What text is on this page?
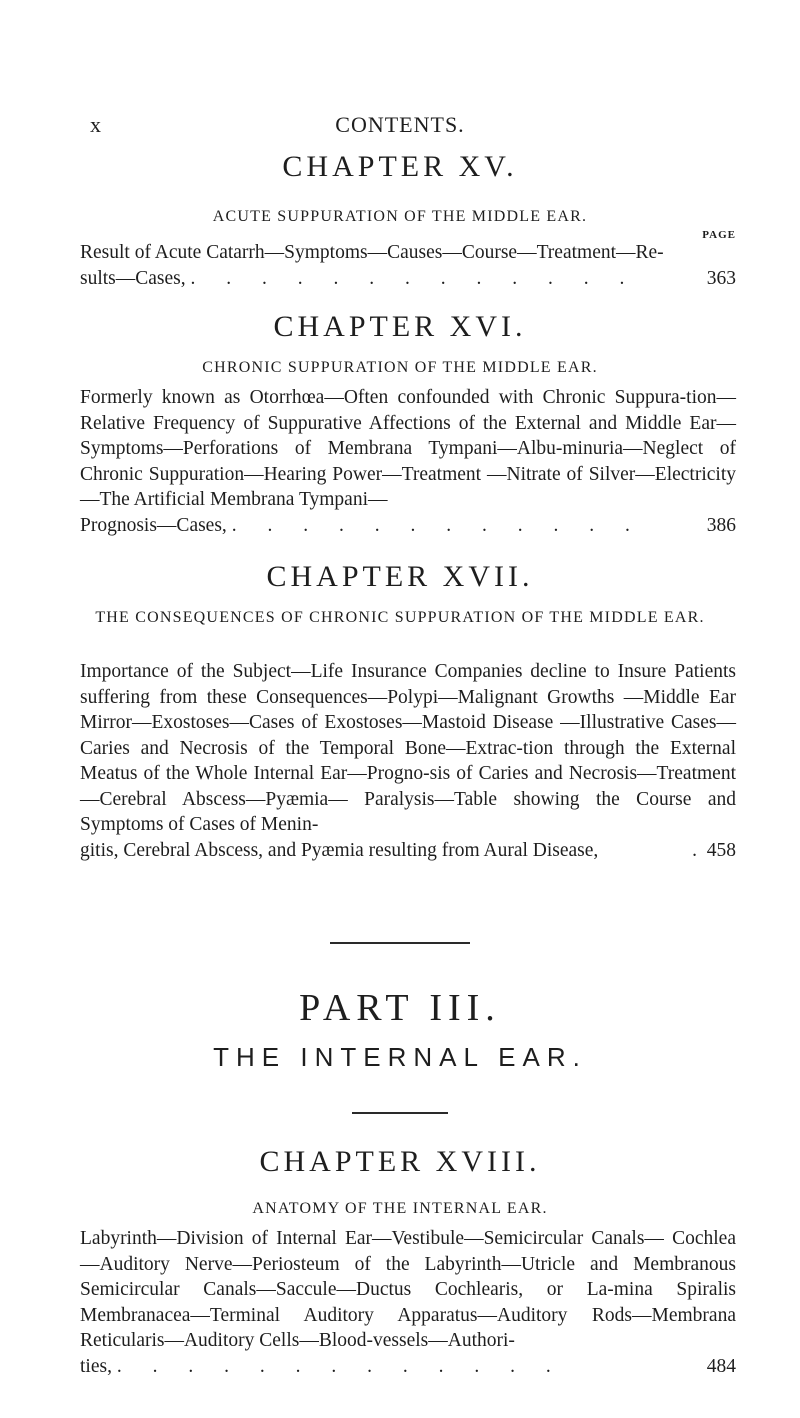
x	CONTENTS.
CHAPTER XV.
ACUTE SUPPURATION OF THE MIDDLE EAR.
PAGE
Result of Acute Catarrh—Symptoms—Causes—Course—Treatment—Re-
sults—Cases, . . . . . . . . . . . . .	363
CHAPTER XVI.
CHRONIC SUPPURATION OF THE MIDDLE EAR.
Formerly known as Otorrhœa—Often confounded with Chronic Suppura-tion—Relative Frequency of Suppurative Affections of the External and Middle Ear—Symptoms—Perforations of Membrana Tympani—Albu-minuria—Neglect of Chronic Suppuration—Hearing Power—Treatment —Nitrate of Silver—Electricity—The Artificial Membrana Tympani—
Prognosis—Cases, . . . . . . . . . . . .	386
CHAPTER XVII.
THE CONSEQUENCES OF CHRONIC SUPPURATION OF THE MIDDLE EAR.
Importance of the Subject—Life Insurance Companies decline to Insure Patients suffering from these Consequences—Polypi—Malignant Growths —Middle Ear Mirror—Exostoses—Cases of Exostoses—Mastoid Disease —Illustrative Cases—Caries and Necrosis of the Temporal Bone—Extrac-tion through the External Meatus of the Whole Internal Ear—Progno-sis of Caries and Necrosis—Treatment—Cerebral Abscess—Pyæmia— Paralysis—Table showing the Course and Symptoms of Cases of Menin-
gitis, Cerebral Abscess, and Pyæmia resulting from Aural Disease,	. 458
PART III.
THE INTERNAL EAR.
CHAPTER XVIII.
ANATOMY OF THE INTERNAL EAR.
Labyrinth—Division of Internal Ear—Vestibule—Semicircular Canals— Cochlea—Auditory Nerve—Periosteum of the Labyrinth—Utricle and Membranous Semicircular Canals—Saccule—Ductus Cochlearis, or La-mina Spiralis Membranacea—Terminal Auditory Apparatus—Auditory Rods—Membrana Reticularis—Auditory Cells—Blood-vessels—Authori-
ties, . . . . . . . . . . . . .	484
